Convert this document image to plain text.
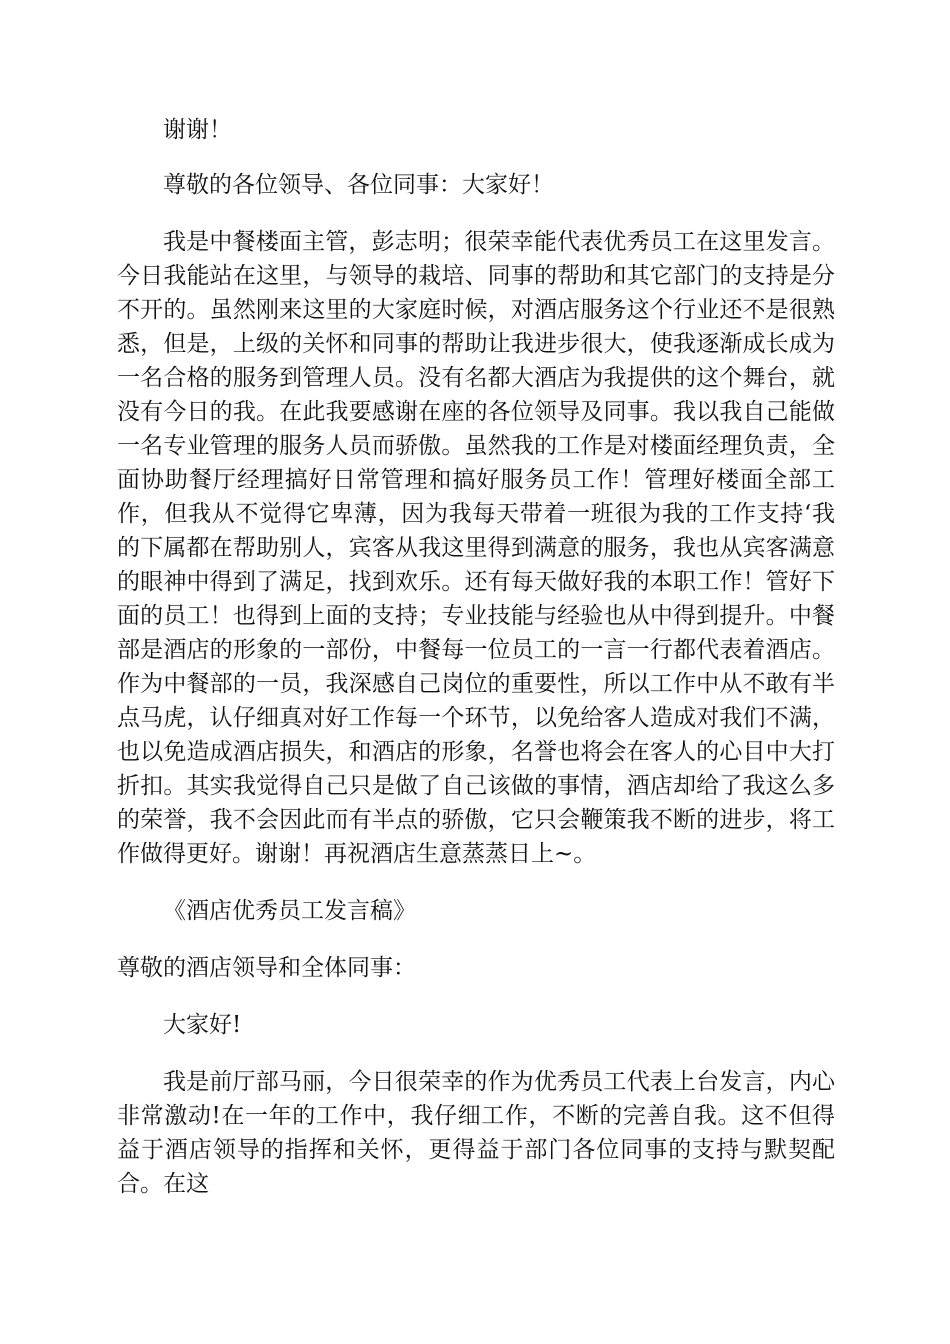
谢谢！

尊敬的各位领导、各位同事：大家好！

我是中餐楼面主管，彭志明；很荣幸能代表优秀员工在这里发言。今日我能站在这里，与领导的栽培、同事的帮助和其它部门的支持是分不开的。虽然刚来这里的大家庭时候，对酒店服务这个行业还不是很熟悉，但是，上级的关怀和同事的帮助让我进步很大，使我逐渐成长成为一名合格的服务到管理人员。没有名都大酒店为我提供的这个舞台，就没有今日的我。在此我要感谢在座的各位领导及同事。我以我自己能做一名专业管理的服务人员而骄傲。虽然我的工作是对楼面经理负责，全面协助餐厅经理搞好日常管理和搞好服务员工作！管理好楼面全部工作，但我从不觉得它卑薄，因为我每天带着一班很为我的工作支持‘我的下属都在帮助别人，宾客从我这里得到满意的服务，我也从宾客满意的眼神中得到了满足，找到欢乐。还有每天做好我的本职工作！管好下面的员工！也得到上面的支持；专业技能与经验也从中得到提升。中餐部是酒店的形象的一部份，中餐每一位员工的一言一行都代表着酒店。作为中餐部的一员，我深感自己岗位的重要性，所以工作中从不敢有半点马虎，认仔细真对好工作每一个环节，以免给客人造成对我们不满，也以免造成酒店损失，和酒店的形象，名誉也将会在客人的心目中大打折扣。其实我觉得自己只是做了自己该做的事情，酒店却给了我这么多的荣誉，我不会因此而有半点的骄傲，它只会鞭策我不断的进步，将工作做得更好。谢谢！再祝酒店生意蒸蒸日上~。

《酒店优秀员工发言稿》

尊敬的酒店领导和全体同事：

大家好!

我是前厅部马丽，今日很荣幸的作为优秀员工代表上台发言，内心非常激动!在一年的工作中，我仔细工作，不断的完善自我。这不但得益于酒店领导的指挥和关怀，更得益于部门各位同事的支持与默契配合。在这
